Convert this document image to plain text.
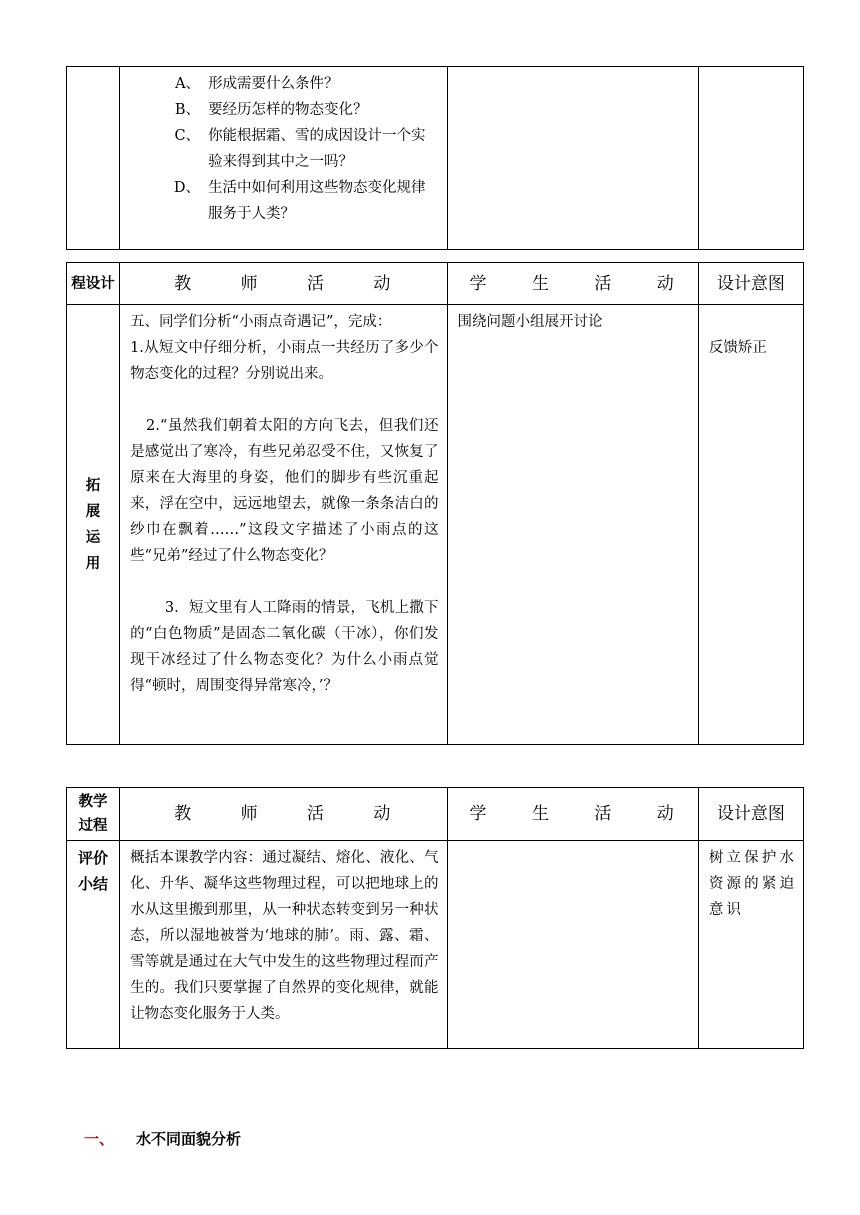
A、 形成需要什么条件？
B、 要经历怎样的物态变化？
C、 你能根据霜、雪的成因设计一个实验来得到其中之一吗？
D、 生活中如何利用这些物态变化规律服务于人类？

程设计	教 师 活 动	学 生 活 动	设计意图

拓展运用	五、同学们分析“小雨点奇遇记”，完成：

1.从短文中仔细分析，小雨点一共经历了多少个物态变化的过程？分别说出来。

2.“虽然我们朝着太阳的方向飞去，但我们还是感觉出了寒冷，有些兄弟忍受不住，又恢复了原来在大海里的身姿，他们的脚步有些沉重起来，浮在空中，远远地望去，就像一条条洁白的纱巾在飘着……”这段文字描述了小雨点的这些“兄弟”经过了什么物态变化？

3．短文里有人工降雨的情景，飞机上撒下的“白色物质”是固态二氧化碳（干冰），你们发现干冰经过了什么物态变化？为什么小雨点觉得“顿时，周围变得异常寒冷，’？	围绕问题小组展开讨论	反馈矫正
教学过程	教 师 活 动	学 生 活 动	设计意图

评价小结	概括本课教学内容：通过凝结、熔化、液化、气化、升华、凝华这些物理过程，可以把地球上的水从这里搬到那里，从一种状态转变到另一种状态，所以湿地被誉为‘地球的肺’。雨、露、霜、雪等就是通过在大气中发生的这些物理过程而产生的。我们只要掌握了自然界的变化规律，就能让物态变化服务于人类。		树立保护水资源的紧迫意识
一、 水不同面貌分析
